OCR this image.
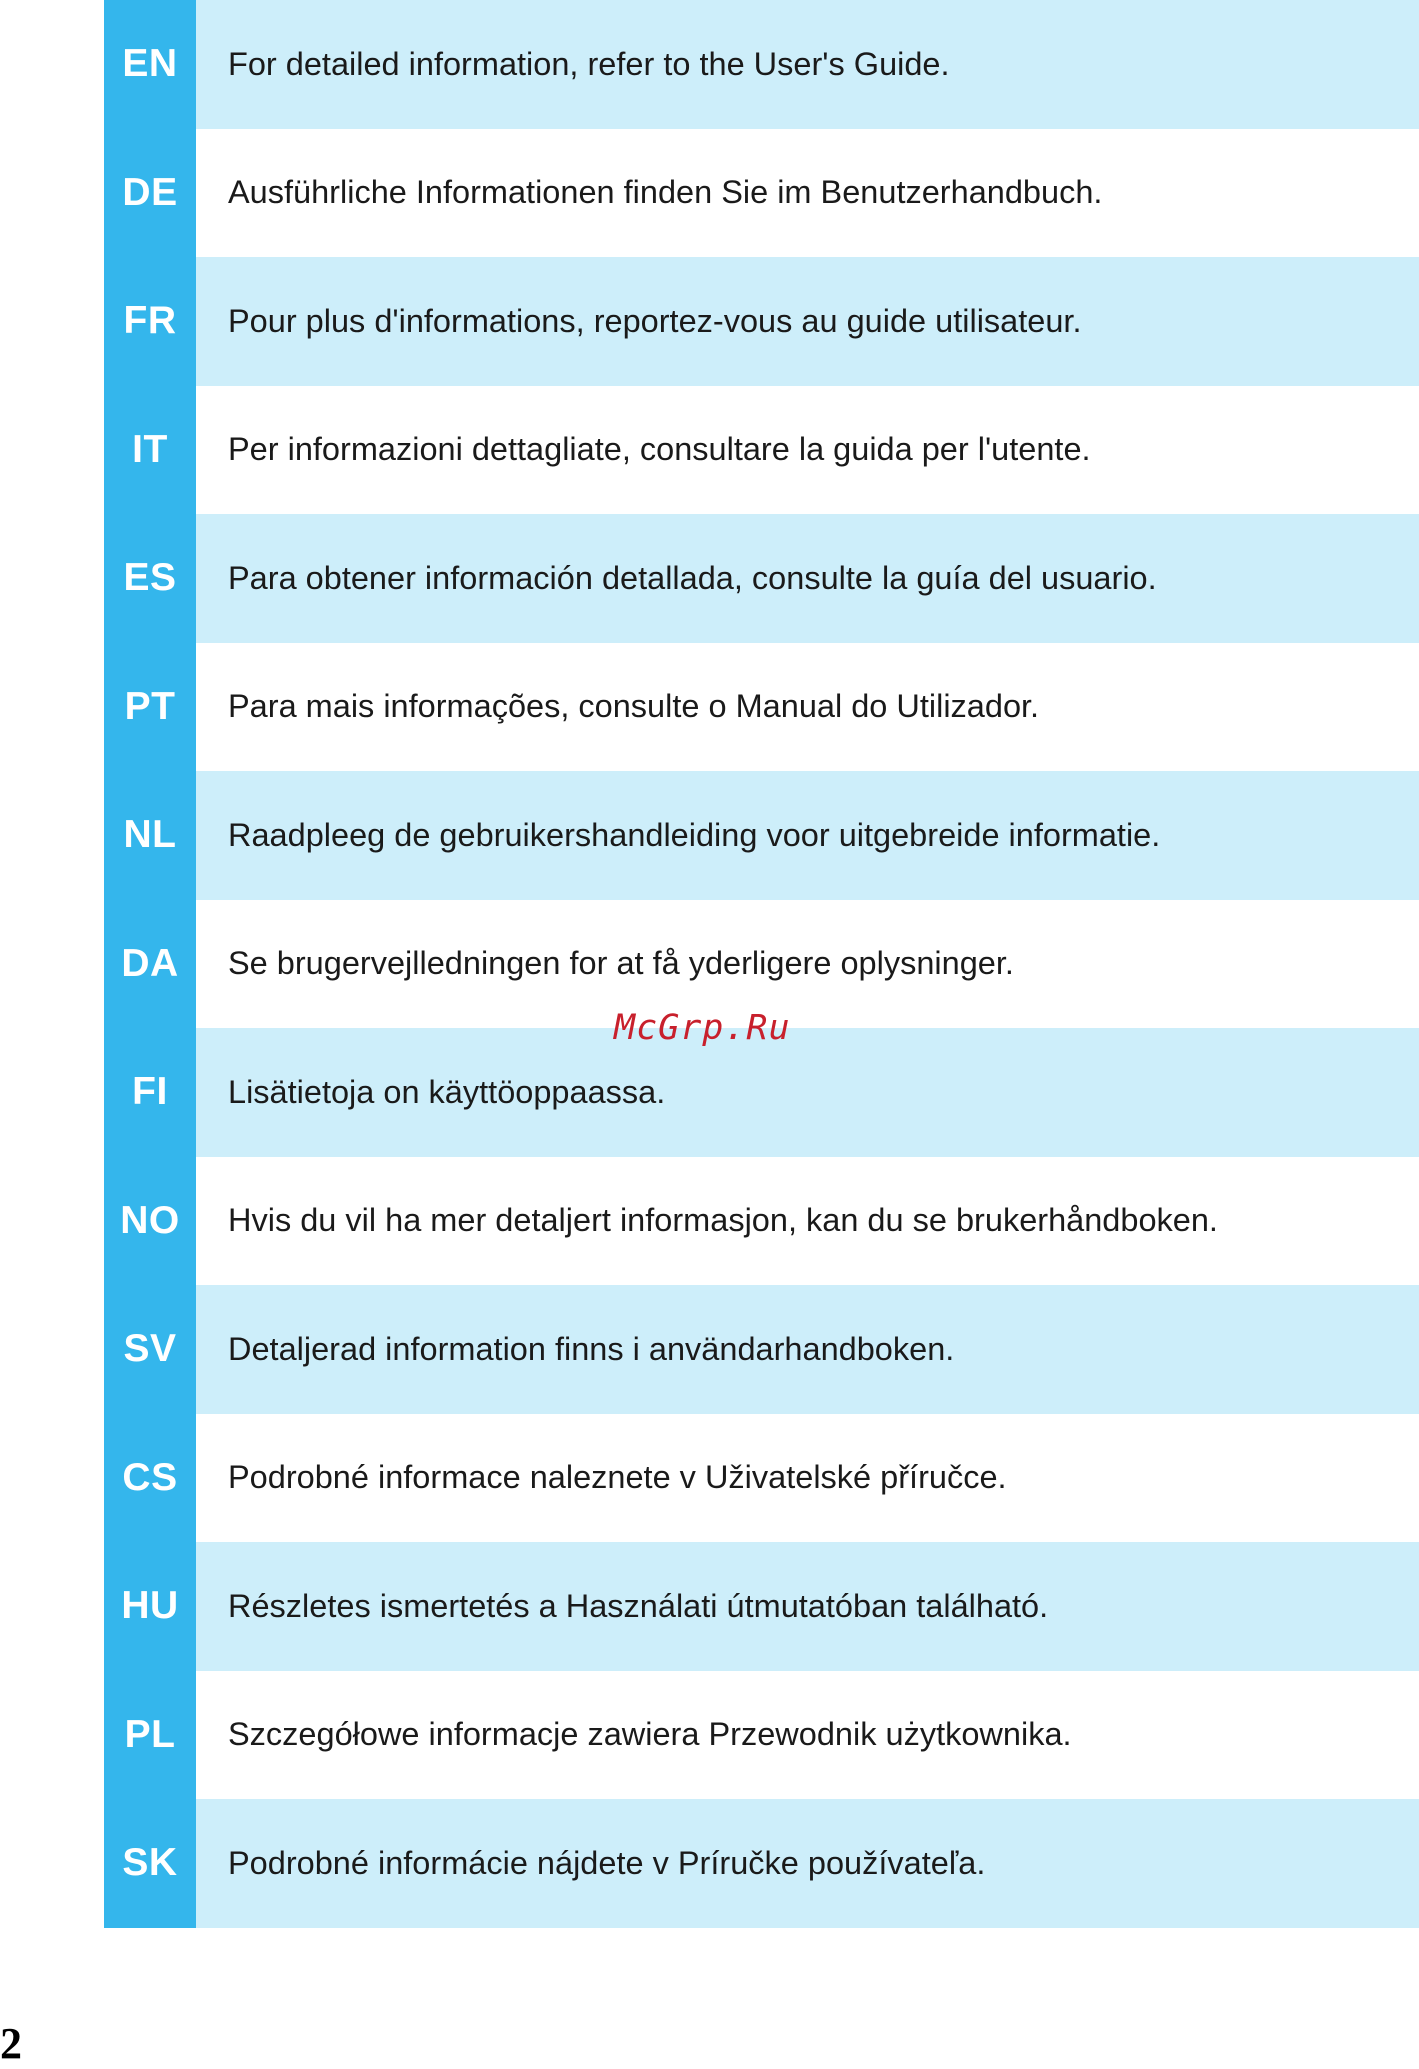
EN	For detailed information, refer to the User's Guide.
DE	Ausführliche Informationen finden Sie im Benutzerhandbuch.
FR	Pour plus d'informations, reportez-vous au guide utilisateur.
IT	Per informazioni dettagliate, consultare la guida per l'utente.
ES	Para obtener información detallada, consulte la guía del usuario.
PT	Para mais informações, consulte o Manual do Utilizador.
NL	Raadpleeg de gebruikershandleiding voor uitgebreide informatie.
DA	Se brugervejlledningen for at få yderligere oplysninger.
FI	Lisätietoja on käyttöoppaassa.
NO	Hvis du vil ha mer detaljert informasjon, kan du se brukerhåndboken.
SV	Detaljerad information finns i användarhandboken.
CS	Podrobné informace naleznete v Uživatelské příručce.
HU	Részletes ismertetés a Használati útmutatóban található.
PL	Szczegółowe informacje zawiera Przewodnik użytkownika.
SK	Podrobné informácie nájdete v Príručke používateľa.
McGrp.Ru
2
